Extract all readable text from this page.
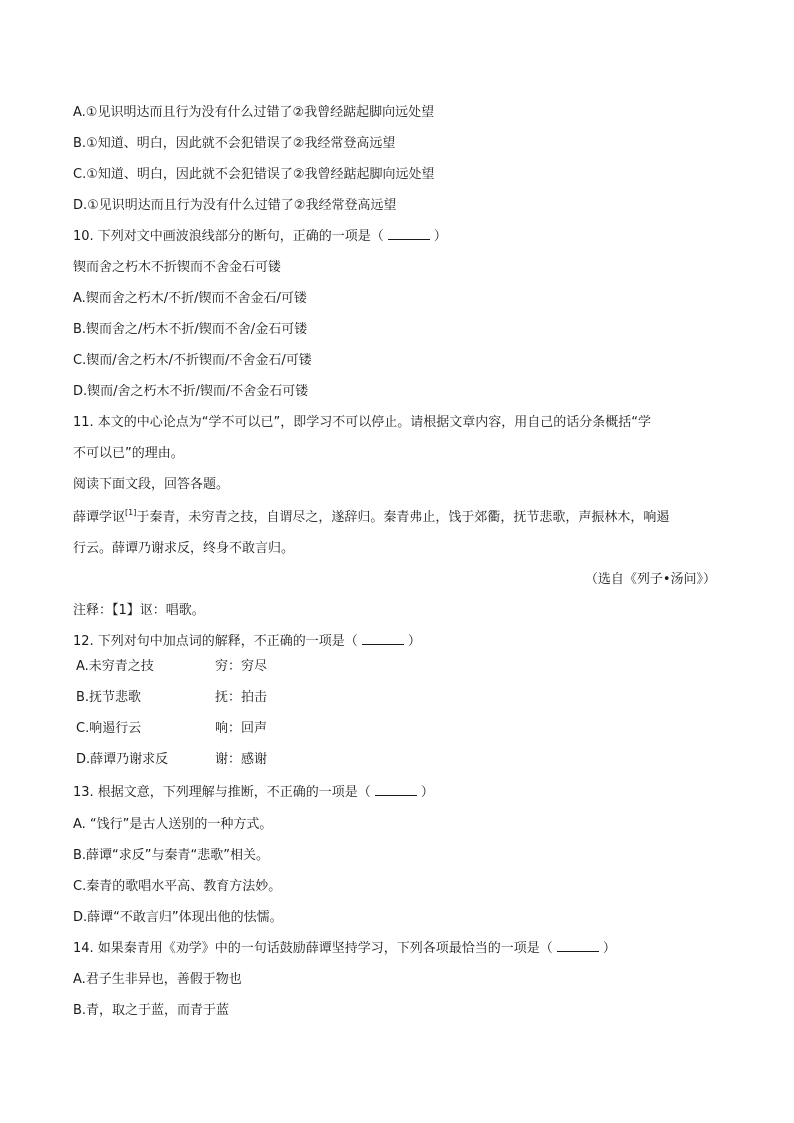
A.①见识明达而且行为没有什么过错了②我曾经踮起脚向远处望
B.①知道、明白，因此就不会犯错误了②我经常登高远望
C.①知道、明白，因此就不会犯错误了②我曾经踮起脚向远处望
D.①见识明达而且行为没有什么过错了②我经常登高远望
10. 下列对文中画波浪线部分的断句，正确的一项是（	）
锲而舍之朽木不折锲而不舍金石可镂
A.锲而舍之朽木/不折/锲而不舍金石/可镂
B.锲而舍之/朽木不折/锲而不舍/金石可镂
C.锲而/舍之朽木/不折锲而/不舍金石/可镂
D.锲而/舍之朽木不折/锲而/不舍金石可镂
11. 本文的中心论点为“学不可以已”，即学习不可以停止。请根据文章内容，用自己的话分条概括“学
不可以已”的理由。
阅读下面文段，回答各题。
薛谭学讴[1]于秦青，未穷青之技，自谓尽之，遂辞归。秦青弗止，饯于郊衢，抚节悲歌，声振林木，响遏
行云。薛谭乃谢求反，终身不敢言归。
（选自《列子•汤问》）
注释：【1】讴：唱歌。
12. 下列对句中加点词的解释，不正确的一项是（	）
A.未穷青之技	穷：穷尽
B.抚节悲歌	抚：拍击
C.响遏行云	响：回声
D.薛谭乃谢求反	谢：感谢
13. 根据文意，下列理解与推断，不正确的一项是（	）
A. “饯行”是古人送别的一种方式。
B.薛谭“求反”与秦青“悲歌”相关。
C.秦青的歌唱水平高、教育方法妙。
D.薛谭“不敢言归”体现出他的怯懦。
14. 如果秦青用《劝学》中的一句话鼓励薛谭坚持学习，下列各项最恰当的一项是（	）
A.君子生非异也，善假于物也
B.青，取之于蓝，而青于蓝
